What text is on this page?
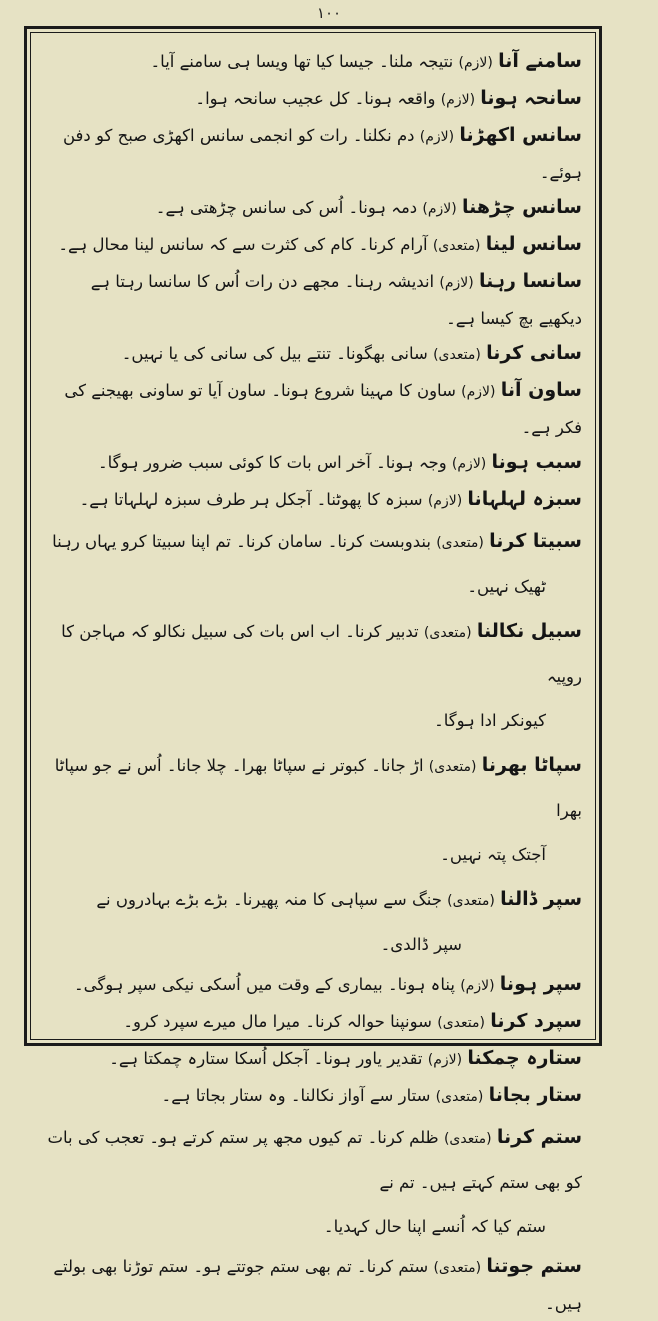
۱۰۰
سامنے آنا (لازم) نتیجہ ملنا۔ جیسا کیا تھا ویسا ہی سامنے آیا۔
سانحہ ہونا (لازم) واقعہ ہونا۔ کل عجیب سانحہ ہوا۔
سانس اکھڑنا (لازم) دم نکلنا۔ رات کو انجمی سانس اکھڑی صبح کو دفن ہوئے۔
سانس چڑھنا (لازم) دمہ ہونا۔ اُس کی سانس چڑھتی ہے۔
سانس لینا (متعدی) آرام کرنا۔ کام کی کثرت سے کہ سانس لینا محال ہے۔
سانسا رہنا (لازم) اندیشہ رہنا۔ مجھے دن رات اُس کا سانسا رہتا ہے دیکھیے بچ کیسا ہے۔
سانی کرنا (متعدی) سانی بھگونا۔ تنتے بیل کی سانی کی یا نہیں۔
ساون آنا (لازم) ساون کا مہینا شروع ہونا۔ ساون آیا تو ساونی بھیجنے کی فکر ہے۔
سبب ہونا (لازم) وجہ ہونا۔ آخر اس بات کا کوئی سبب ضرور ہوگا۔
سبزہ لہلہانا (لازم) سبزہ کا پھوٹنا۔ آجکل ہر طرف سبزہ لہلہاتا ہے۔
سبیتا کرنا (متعدی) بندوبست کرنا۔ سامان کرنا۔ تم اپنا سبیتا کرو یہاں رہنا
ٹھیک نہیں۔
سبیل نکالنا (متعدی) تدبیر کرنا۔ اب اس بات کی سبیل نکالو کہ مہاجن کا روپیہ
کیونکر ادا ہوگا۔
سپاٹا بھرنا (متعدی) اڑ جانا۔ کبوتر نے سپاٹا بھرا۔ چلا جانا۔ اُس نے جو سپاٹا بھرا
آجتک پتہ نہیں۔
سپر ڈالنا (متعدی) جنگ سے سپاہی کا منہ پھیرنا۔ بڑے بڑے بہادروں نے
سپر ڈالدی۔
سپر ہونا (لازم) پناہ ہونا۔ بیماری کے وقت میں اُسکی نیکی سپر ہوگی۔
سپرد کرنا (متعدی) سونپنا حوالہ کرنا۔ میرا مال میرے سپرد کرو۔
ستارہ چمکنا (لازم) تقدیر یاور ہونا۔ آجکل اُسکا ستارہ چمکتا ہے۔
ستار بجانا (متعدی) ستار سے آواز نکالنا۔ وہ ستار بجاتا ہے۔
ستم کرنا (متعدی) ظلم کرنا۔ تم کیوں مجھ پر ستم کرتے ہو۔ تعجب کی بات کو بھی ستم کہتے ہیں۔ تم نے
ستم کیا کہ اُنسے اپنا حال کہدیا۔
ستم جوتنا (متعدی) ستم کرنا۔ تم بھی ستم جوتتے ہو۔ ستم توڑنا بھی بولتے ہیں۔
